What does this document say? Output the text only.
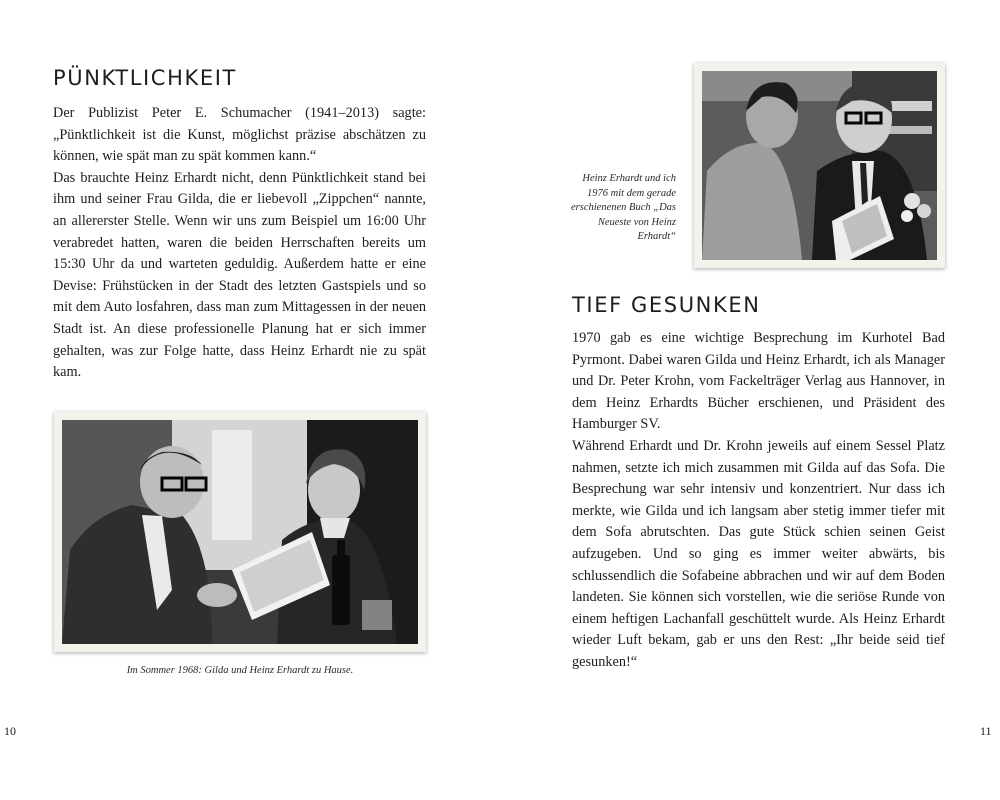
PÜNKTLICHKEIT

Der Publizist Peter E. Schumacher (1941–2013) sagte: „Pünktlichkeit ist die Kunst, möglichst präzise abschätzen zu können, wie spät man zu spät kommen kann.“

Das brauchte Heinz Erhardt nicht, denn Pünktlichkeit stand bei ihm und seiner Frau Gilda, die er liebevoll „Zippchen“ nannte, an allererster Stelle. Wenn wir uns zum Beispiel um 16:00 Uhr verabredet hatten, waren die beiden Herrschaften bereits um 15:30 Uhr da und warteten geduldig. Außerdem hatte er eine Devise: Frühstücken in der Stadt des letzten Gastspiels und so mit dem Auto losfahren, dass man zum Mittagessen in der neuen Stadt ist. An diese professionelle Planung hat er sich immer gehalten, was zur Folge hatte, dass Heinz Erhardt nie zu spät kam.

Im Sommer 1968: Gilda und Heinz Erhardt zu Hause.

10

Heinz Erhardt und ich 1976 mit dem gerade erschienenen Buch „Das Neueste von Heinz Erhardt“

TIEF GESUNKEN

1970 gab es eine wichtige Besprechung im Kurhotel Bad Pyrmont. Dabei waren Gilda und Heinz Erhardt, ich als Manager und Dr. Peter Krohn, vom Fackelträger Verlag aus Hannover, in dem Heinz Erhardts Bücher erschienen, und Präsident des Hamburger SV.

Während Erhardt und Dr. Krohn jeweils auf einem Sessel Platz nahmen, setzte ich mich zusammen mit Gilda auf das Sofa. Die Besprechung war sehr intensiv und konzentriert. Nur dass ich merkte, wie Gilda und ich langsam aber stetig immer tiefer mit dem Sofa abrutschten. Das gute Stück schien seinen Geist aufzugeben. Und so ging es immer weiter abwärts, bis schlussendlich die Sofabeine abbrachen und wir auf dem Boden landeten. Sie können sich vorstellen, wie die seriöse Runde von einem heftigen Lachanfall geschüttelt wurde. Als Heinz Erhardt wieder Luft bekam, gab er uns den Rest: „Ihr beide seid tief gesunken!“

11
